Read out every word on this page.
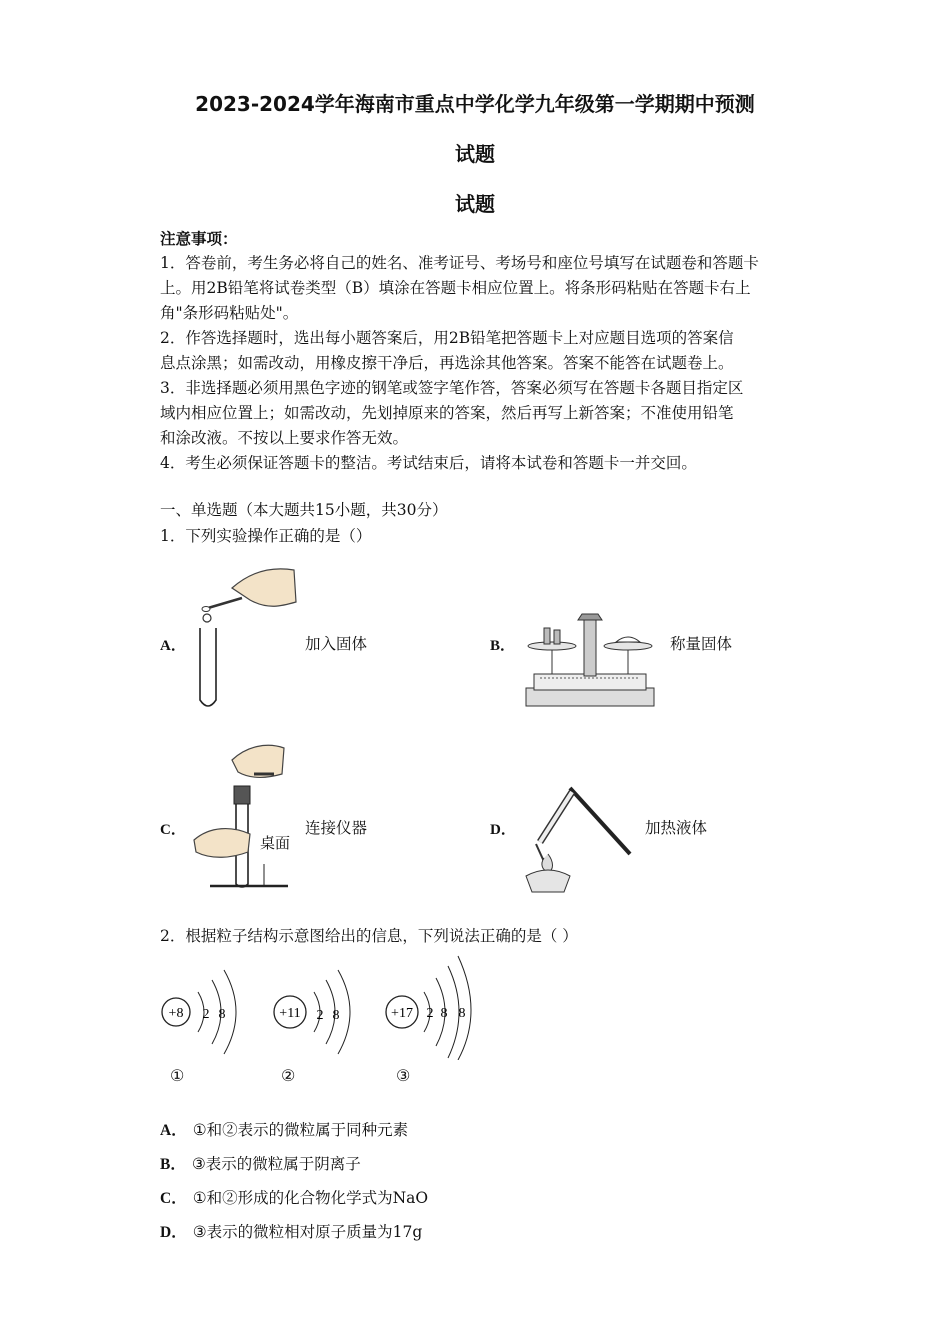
2023-2024学年海南市重点中学化学九年级第一学期期中预测
试题
试题
注意事项：
1．答卷前，考生务必将自己的姓名、准考证号、考场号和座位号填写在试题卷和答题卡
上。用2B铅笔将试卷类型（B）填涂在答题卡相应位置上。将条形码粘贴在答题卡右上
角"条形码粘贴处"。
2．作答选择题时，选出每小题答案后，用2B铅笔把答题卡上对应题目选项的答案信
息点涂黑；如需改动，用橡皮擦干净后，再选涂其他答案。答案不能答在试题卷上。
3．非选择题必须用黑色字迹的钢笔或签字笔作答，答案必须写在答题卡各题目指定区
域内相应位置上；如需改动，先划掉原来的答案，然后再写上新答案；不准使用铅笔
和涂改液。不按以上要求作答无效。
4．考生必须保证答题卡的整洁。考试结束后，请将本试卷和答题卡一并交回。
一、单选题（本大题共15小题，共30分）
1．下列实验操作正确的是（）
A．	加入固体	B．	称量固体
C．
桌面
连接仪器	D．	加热液体
2．根据粒子结构示意图给出的信息，下列说法正确的是（ ）
+8 2 8
①
+11 2 8
②
+17 2 8 8
③
A． ①和②表示的微粒属于同种元素
B． ③表示的微粒属于阴离子
C． ①和②形成的化合物化学式为NaO
D． ③表示的微粒相对原子质量为17g
